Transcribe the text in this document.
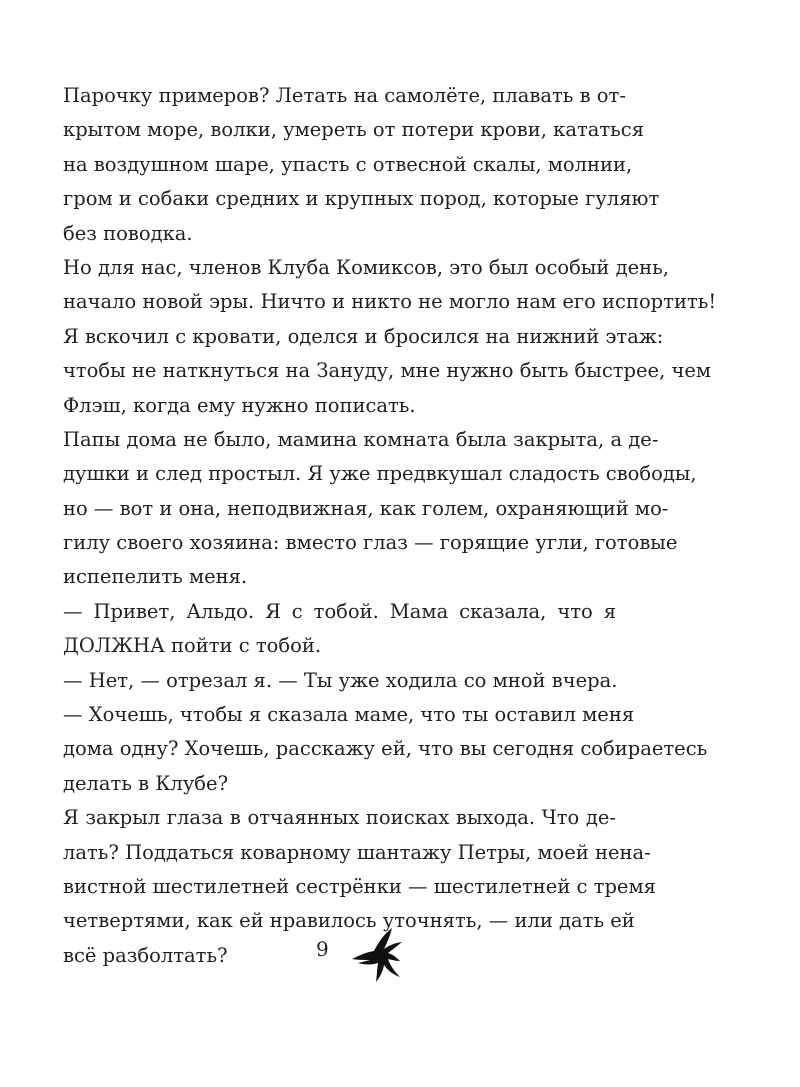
Парочку примеров? Летать на самолёте, плавать в от-
крытом море, волки, умереть от потери крови, кататься
на воздушном шаре, упасть с отвесной скалы, молнии,
гром и собаки средних и крупных пород, которые гуляют
без поводка.
Но для нас, членов Клуба Комиксов, это был особый день,
начало новой эры. Ничто и никто не могло нам его испортить!
Я вскочил с кровати, оделся и бросился на нижний этаж:
чтобы не наткнуться на Зануду, мне нужно быть быстрее, чем
Флэш, когда ему нужно пописать.
Папы дома не было, мамина комната была закрыта, а де-
душки и след простыл. Я уже предвкушал сладость свободы,
но — вот и она, неподвижная, как голем, охраняющий мо-
гилу своего хозяина: вместо глаз — горящие угли, готовые
испепелить меня.
— Привет, Альдо. Я с тобой. Мама сказала, что я
ДОЛЖНА пойти с тобой.
— Нет, — отрезал я. — Ты уже ходила со мной вчера.
— Хочешь, чтобы я сказала маме, что ты оставил меня
дома одну? Хочешь, расскажу ей, что вы сегодня собираетесь
делать в Клубе?
Я закрыл глаза в отчаянных поисках выхода. Что де-
лать? Поддаться коварному шантажу Петры, моей нена-
вистной шестилетней сестрёнки — шестилетней с тремя
четвертями, как ей нравилось уточнять, — или дать ей
всё разболтать?	9
